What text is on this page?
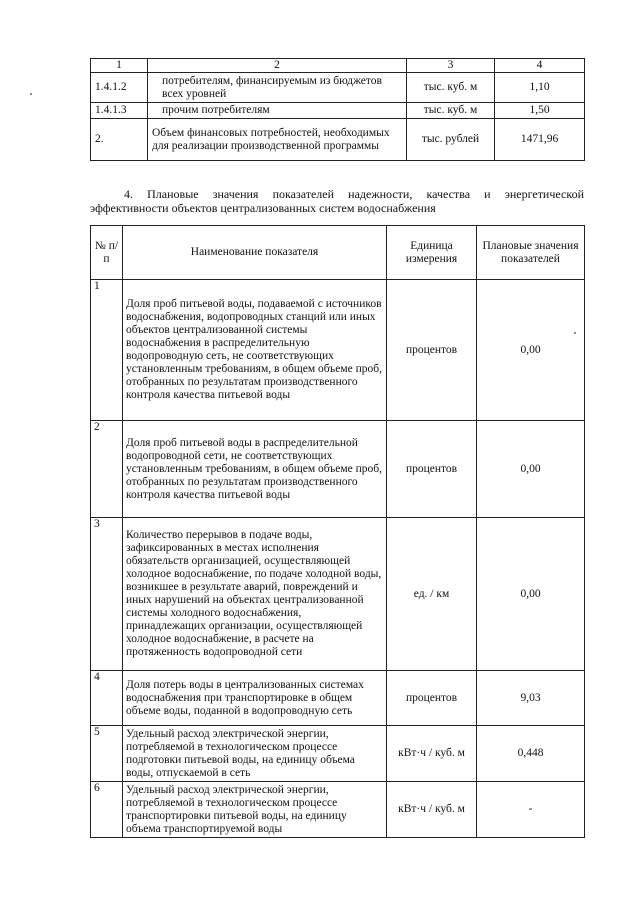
1	2	3	4
1.4.1.2	потребителям, финансируемым из бюджетов всех уровней	тыс. куб. м	1,10
1.4.1.3	прочим потребителям	тыс. куб. м	1,50
2.	Объем финансовых потребностей, необходимых для реализации производственной программы	тыс. рублей	1471,96

4. Плановые значения показателей надежности, качества и энергетической
эффективности объектов централизованных систем водоснабжения

№ п/п	Наименование показателя	Единица измерения	Плановые значения показателей
1	Доля проб питьевой воды, подаваемой с источников водоснабжения, водопроводных станций или иных объектов централизованной системы водоснабжения в распределительную водопроводную сеть, не соответствующих установленным требованиям, в общем объеме проб, отобранных по результатам производственного контроля качества питьевой воды	процентов	0,00
2	Доля проб питьевой воды в распределительной водопроводной сети, не соответствующих установленным требованиям, в общем объеме проб, отобранных по результатам производственного контроля качества питьевой воды	процентов	0,00
3	Количество перерывов в подаче воды, зафиксированных в местах исполнения обязательств организацией, осуществляющей холодное водоснабжение, по подаче холодной воды, возникшее в результате аварий, повреждений и иных нарушений на объектах централизованной системы холодного водоснабжения, принадлежащих организации, осуществляющей холодное водоснабжение, в расчете на протяженность водопроводной сети	ед. / км	0,00
4	Доля потерь воды в централизованных системах водоснабжения при транспортировке в общем объеме воды, поданной в водопроводную сеть	процентов	9,03
5	Удельный расход электрической энергии, потребляемой в технологическом процессе подготовки питьевой воды, на единицу объема воды, отпускаемой в сеть	кВт·ч / куб. м	0,448
6	Удельный расход электрической энергии, потребляемой в технологическом процессе транспортировки питьевой воды, на единицу объема транспортируемой воды	кВт·ч / куб. м	-
